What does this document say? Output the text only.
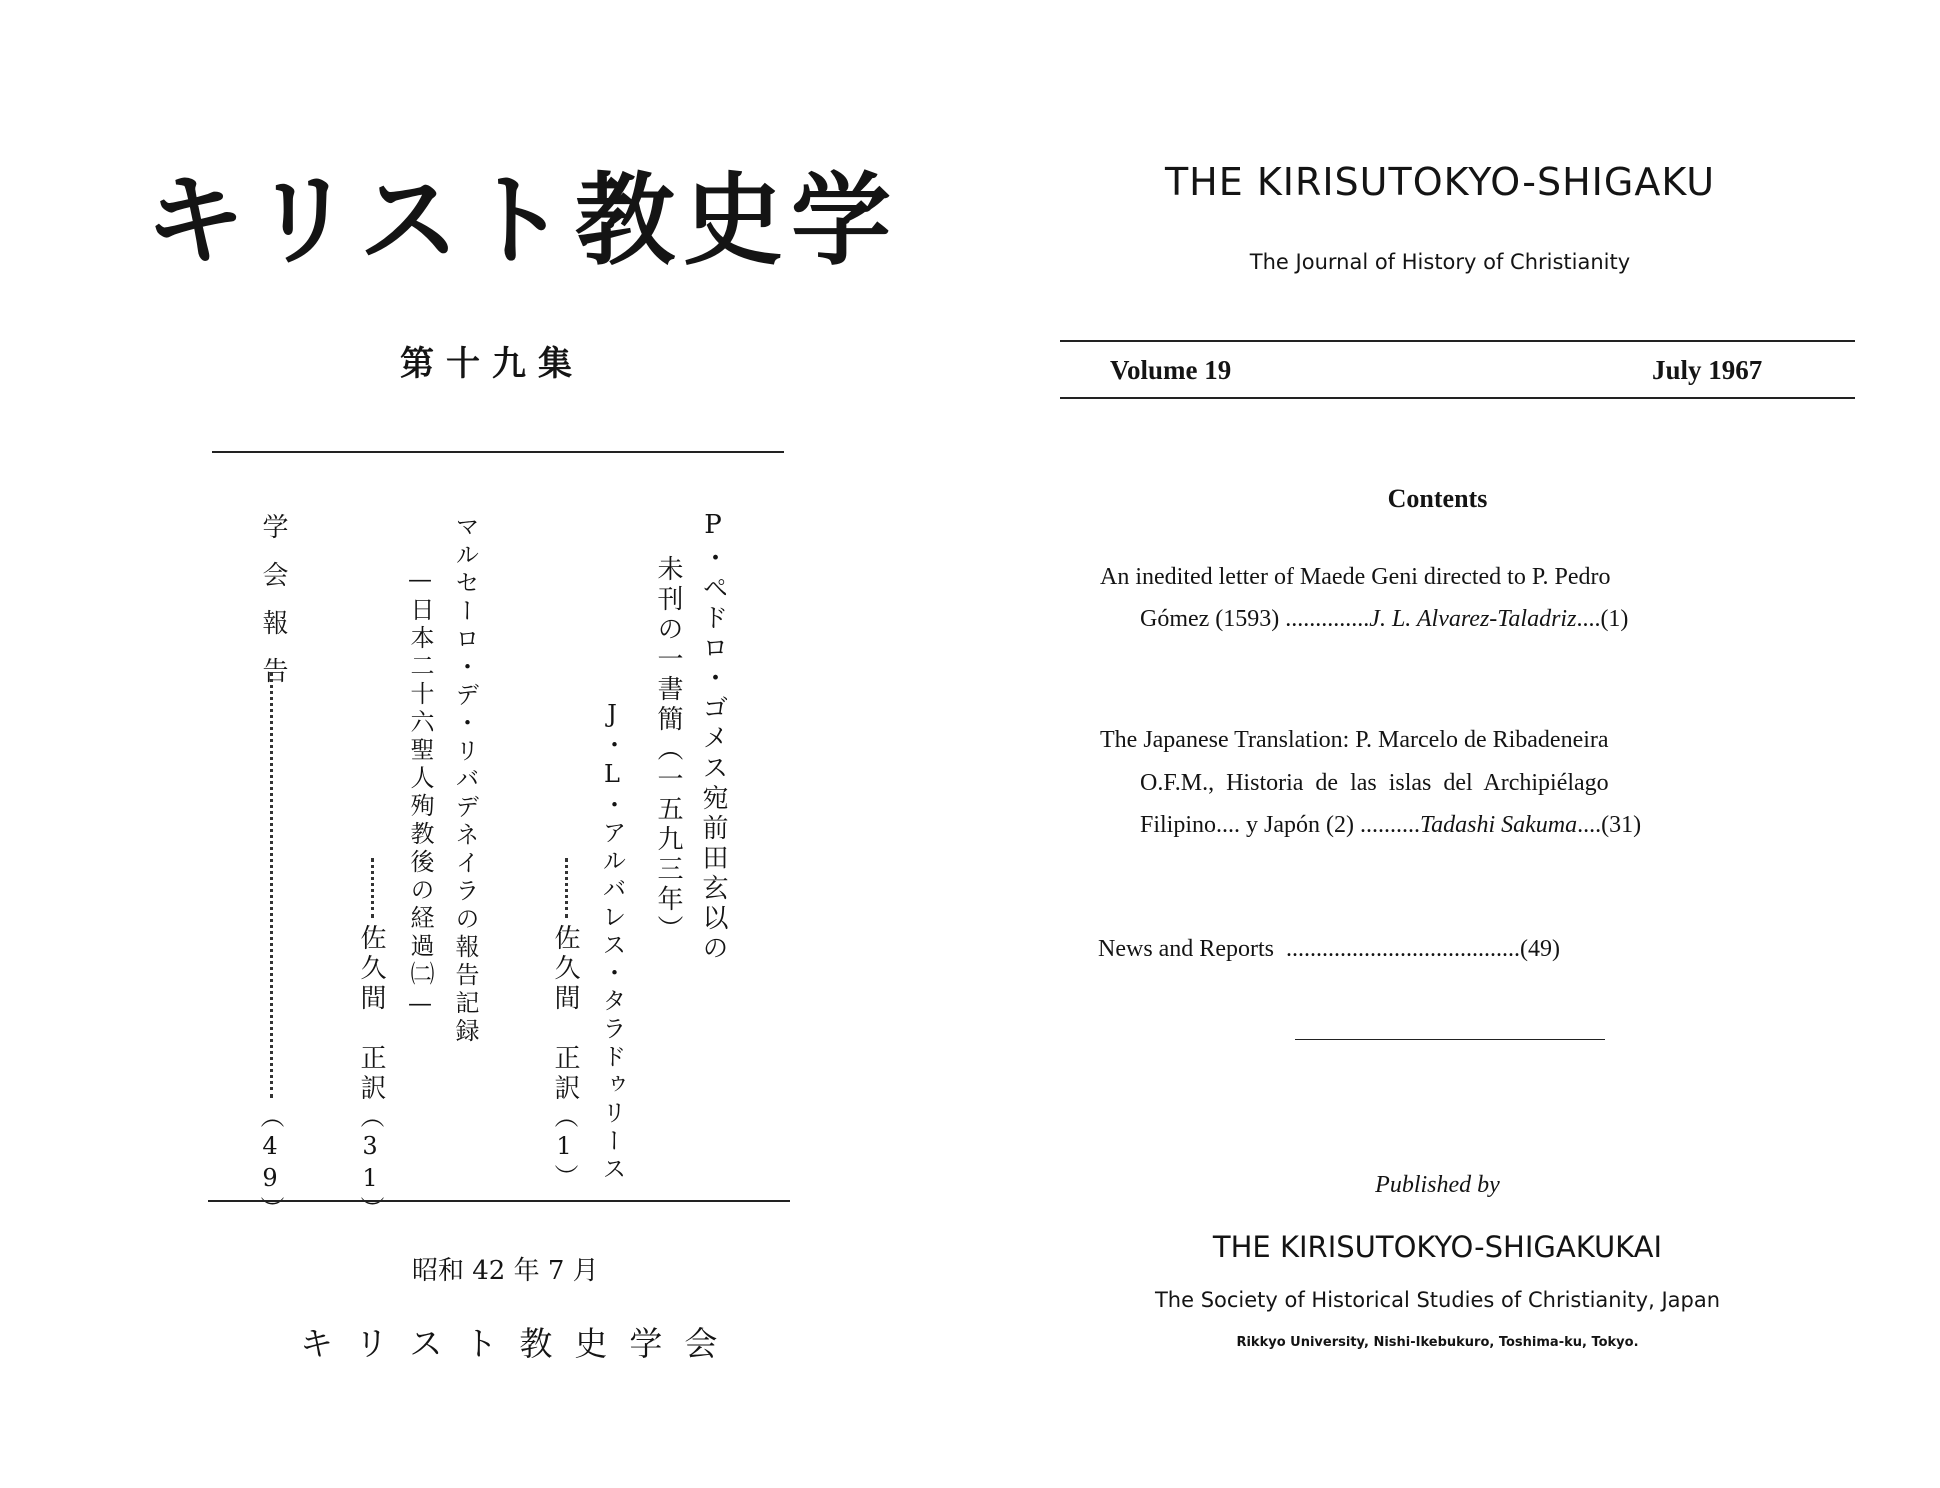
キリスト教史学
第十九集
P・ペドロ・ゴメス宛前田玄以の
未刊の一書簡（一五九三年）
J・L・アルバレス・タラドゥリース
佐久間　正訳
（1）
マルセーロ・デ・リバデネイラの報告記録
—日本二十六聖人殉教後の経過㈡—
佐久間　正訳
（31）
学会報告
（49）
昭和 42 年 7 月
キリスト教史学会
THE KIRISUTOKYO-SHIGAKU
The Journal of History of Christianity
Volume 19	July 1967
Contents
An inedited letter of Maede Geni directed to P. Pedro
Gómez (1593) ..............J. L. Alvarez-Taladriz....(1)
The Japanese Translation: P. Marcelo de Ribadeneira
O.F.M., Historia de las islas del Archipiélago
Filipino.... y Japón (2) ..........Tadashi Sakuma....(31)
News and Reports .......................................(49)
Published by
THE KIRISUTOKYO-SHIGAKUKAI
The Society of Historical Studies of Christianity, Japan
Rikkyo University, Nishi-Ikebukuro, Toshima-ku, Tokyo.
